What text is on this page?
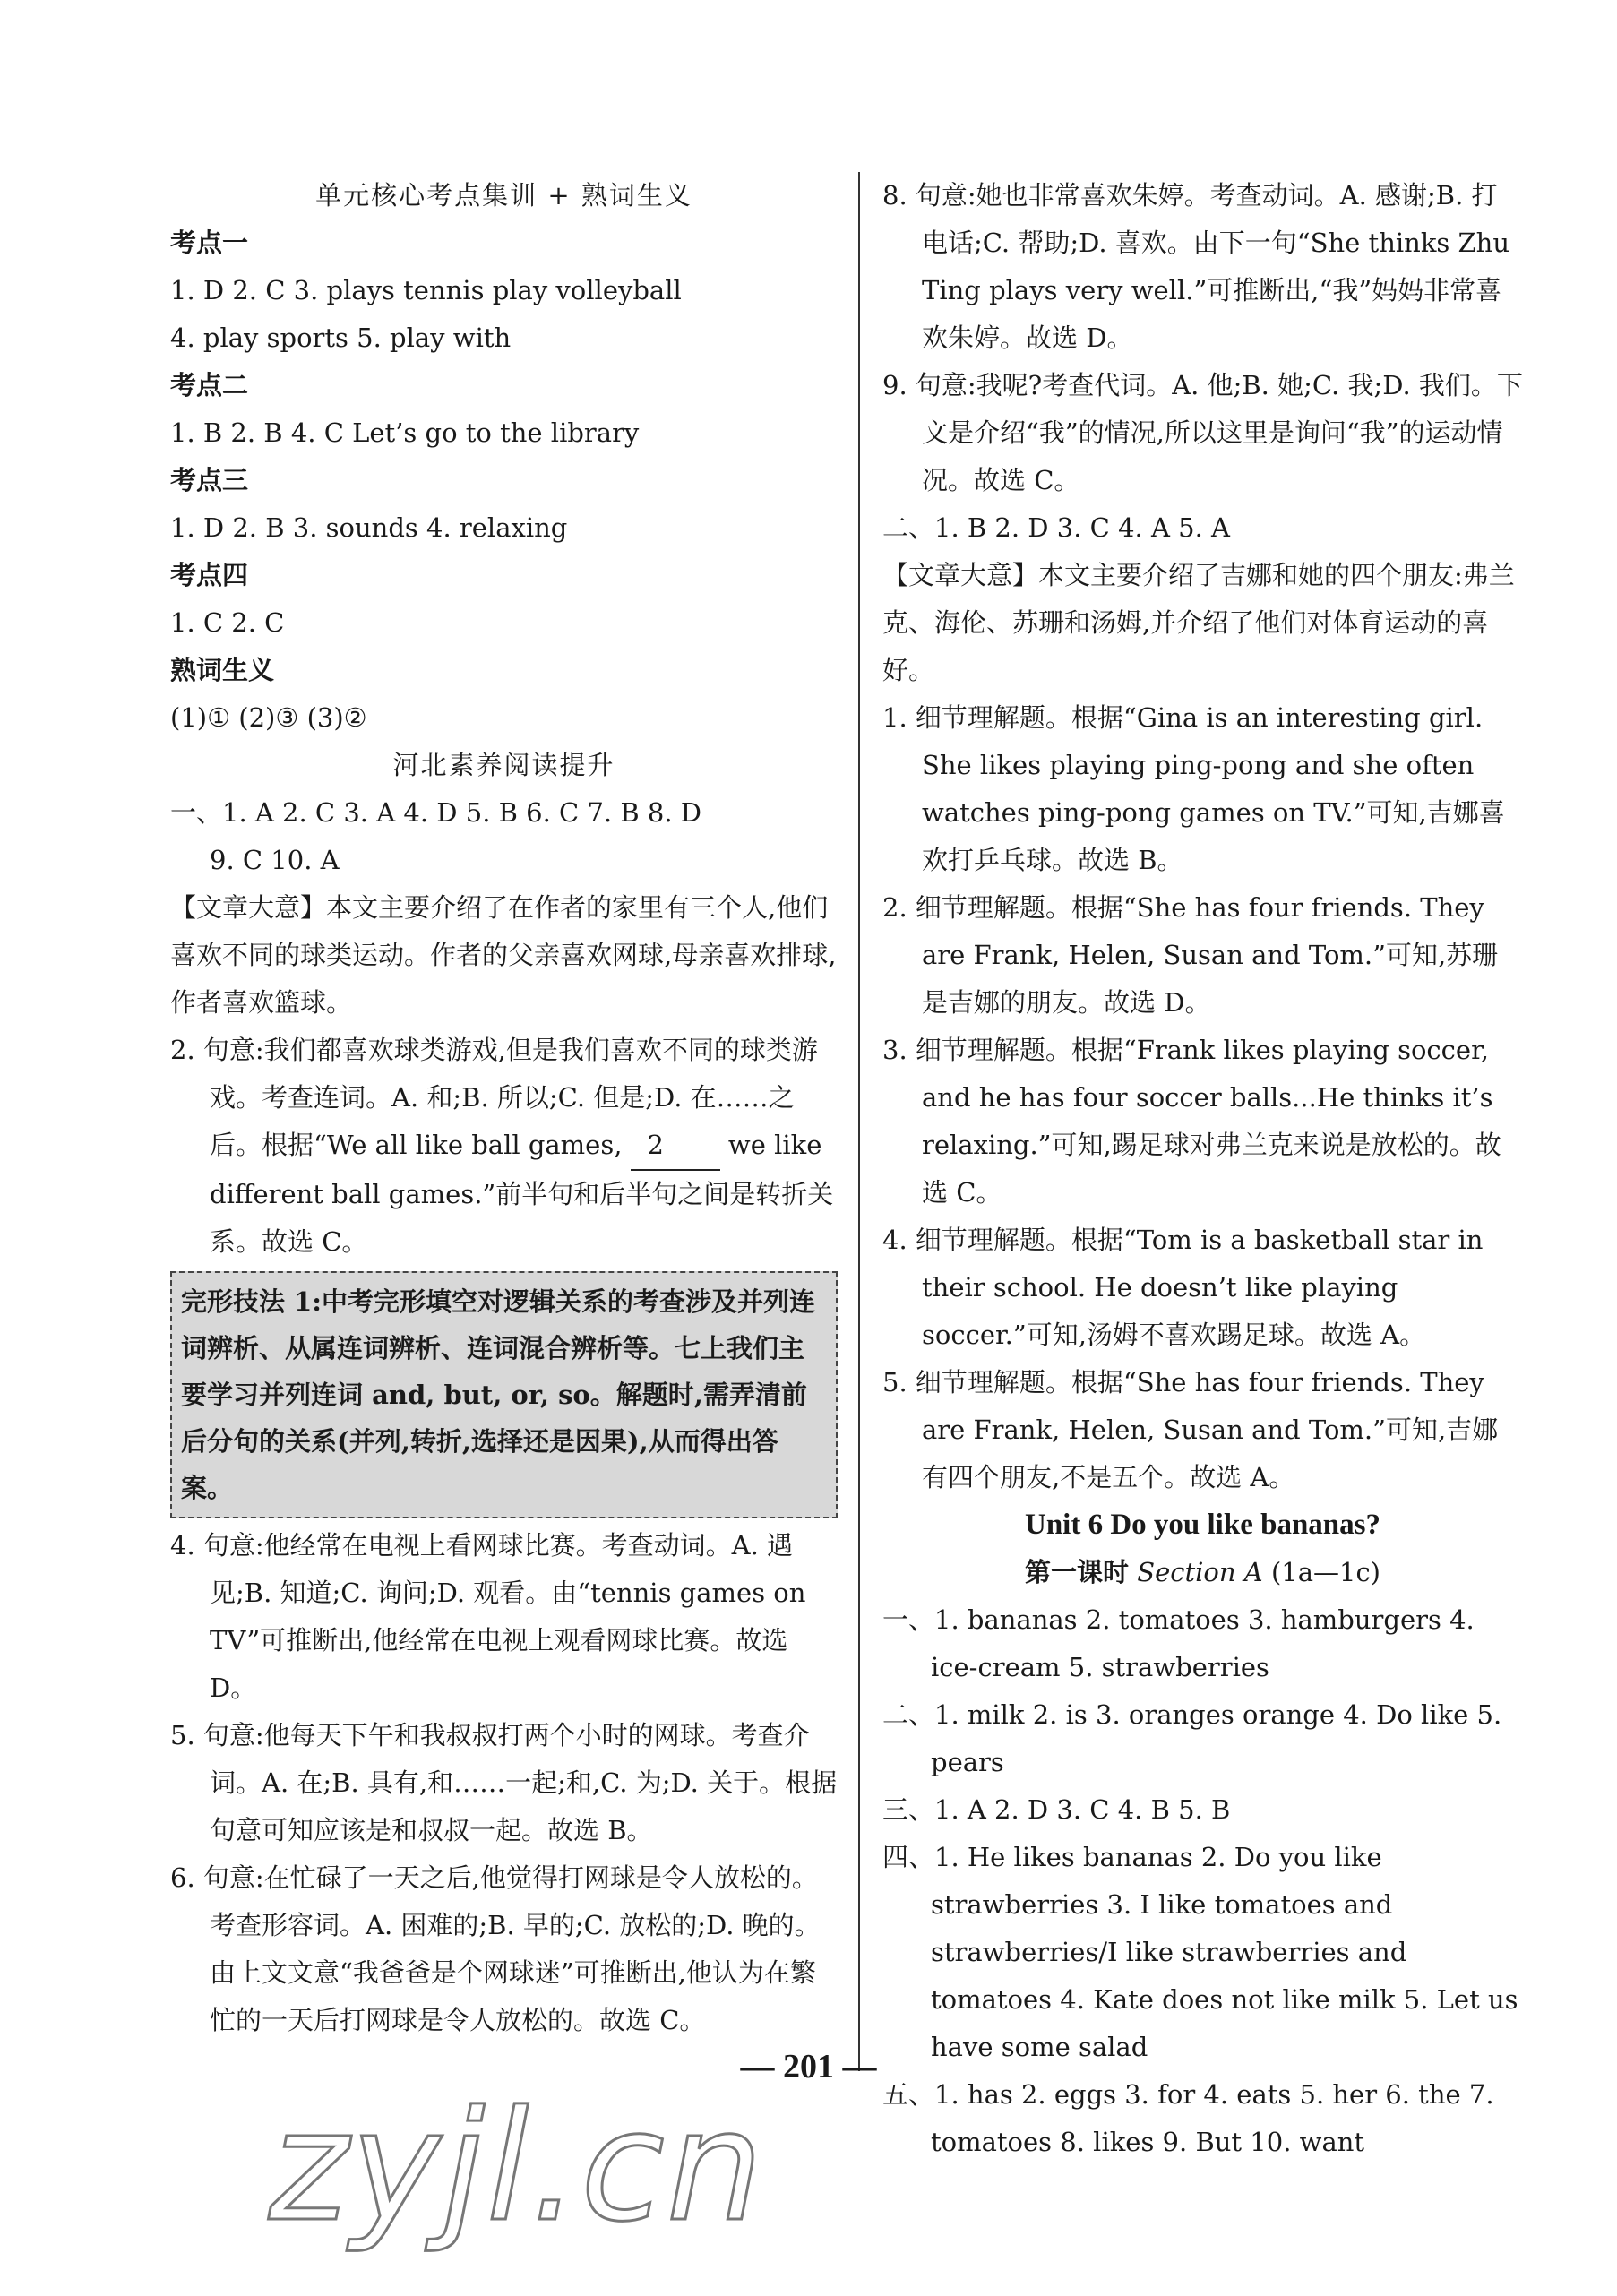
单元核心考点集训 + 熟词生义
考点一
1. D 2. C 3. plays tennis play volleyball
4. play sports 5. play with
考点二
1. B 2. B 4. C Let’s go to the library
考点三
1. D 2. B 3. sounds 4. relaxing
考点四
1. C 2. C
熟词生义
(1)① (2)③ (3)②
河北素养阅读提升
一、1. A 2. C 3. A 4. D 5. B 6. C 7. B 8. D
9. C 10. A
【文章大意】本文主要介绍了在作者的家里有三个人,他们喜欢不同的球类运动。作者的父亲喜欢网球,母亲喜欢排球,作者喜欢篮球。
2. 句意:我们都喜欢球类游戏,但是我们喜欢不同的球类游戏。考查连词。A. 和;B. 所以;C. 但是;D. 在……之后。根据“We all like ball games, 2 we like different ball games.”前半句和后半句之间是转折关系。故选 C。
完形技法 1:中考完形填空对逻辑关系的考查涉及并列连词辨析、从属连词辨析、连词混合辨析等。七上我们主要学习并列连词 and, but, or, so。解题时,需弄清前后分句的关系(并列,转折,选择还是因果),从而得出答案。
4. 句意:他经常在电视上看网球比赛。考查动词。A. 遇见;B. 知道;C. 询问;D. 观看。由“tennis games on TV”可推断出,他经常在电视上观看网球比赛。故选 D。
5. 句意:他每天下午和我叔叔打两个小时的网球。考查介词。A. 在;B. 具有,和……一起;和,C. 为;D. 关于。根据句意可知应该是和叔叔一起。故选 B。
6. 句意:在忙碌了一天之后,他觉得打网球是令人放松的。考查形容词。A. 困难的;B. 早的;C. 放松的;D. 晚的。由上文文意“我爸爸是个网球迷”可推断出,他认为在繁忙的一天后打网球是令人放松的。故选 C。
8. 句意:她也非常喜欢朱婷。考查动词。A. 感谢;B. 打电话;C. 帮助;D. 喜欢。由下一句“She thinks Zhu Ting plays very well.”可推断出,“我”妈妈非常喜欢朱婷。故选 D。
9. 句意:我呢?考查代词。A. 他;B. 她;C. 我;D. 我们。下文是介绍“我”的情况,所以这里是询问“我”的运动情况。故选 C。
二、1. B 2. D 3. C 4. A 5. A
【文章大意】本文主要介绍了吉娜和她的四个朋友:弗兰克、海伦、苏珊和汤姆,并介绍了他们对体育运动的喜好。
1. 细节理解题。根据“Gina is an interesting girl. She likes playing ping-pong and she often watches ping-pong games on TV.”可知,吉娜喜欢打乒乓球。故选 B。
2. 细节理解题。根据“She has four friends. They are Frank, Helen, Susan and Tom.”可知,苏珊是吉娜的朋友。故选 D。
3. 细节理解题。根据“Frank likes playing soccer, and he has four soccer balls...He thinks it’s relaxing.”可知,踢足球对弗兰克来说是放松的。故选 C。
4. 细节理解题。根据“Tom is a basketball star in their school. He doesn’t like playing soccer.”可知,汤姆不喜欢踢足球。故选 A。
5. 细节理解题。根据“She has four friends. They are Frank, Helen, Susan and Tom.”可知,吉娜有四个朋友,不是五个。故选 A。
Unit 6 Do you like bananas?
第一课时 Section A (1a—1c)
一、1. bananas 2. tomatoes 3. hamburgers 4. ice-cream 5. strawberries
二、1. milk 2. is 3. oranges orange 4. Do like 5. pears
三、1. A 2. D 3. C 4. B 5. B
四、1. He likes bananas 2. Do you like strawberries 3. I like tomatoes and strawberries/I like strawberries and tomatoes 4. Kate does not like milk 5. Let us have some salad
五、1. has 2. eggs 3. for 4. eats 5. her 6. the 7. tomatoes 8. likes 9. But 10. want
— 201 —
zyjl.cn
